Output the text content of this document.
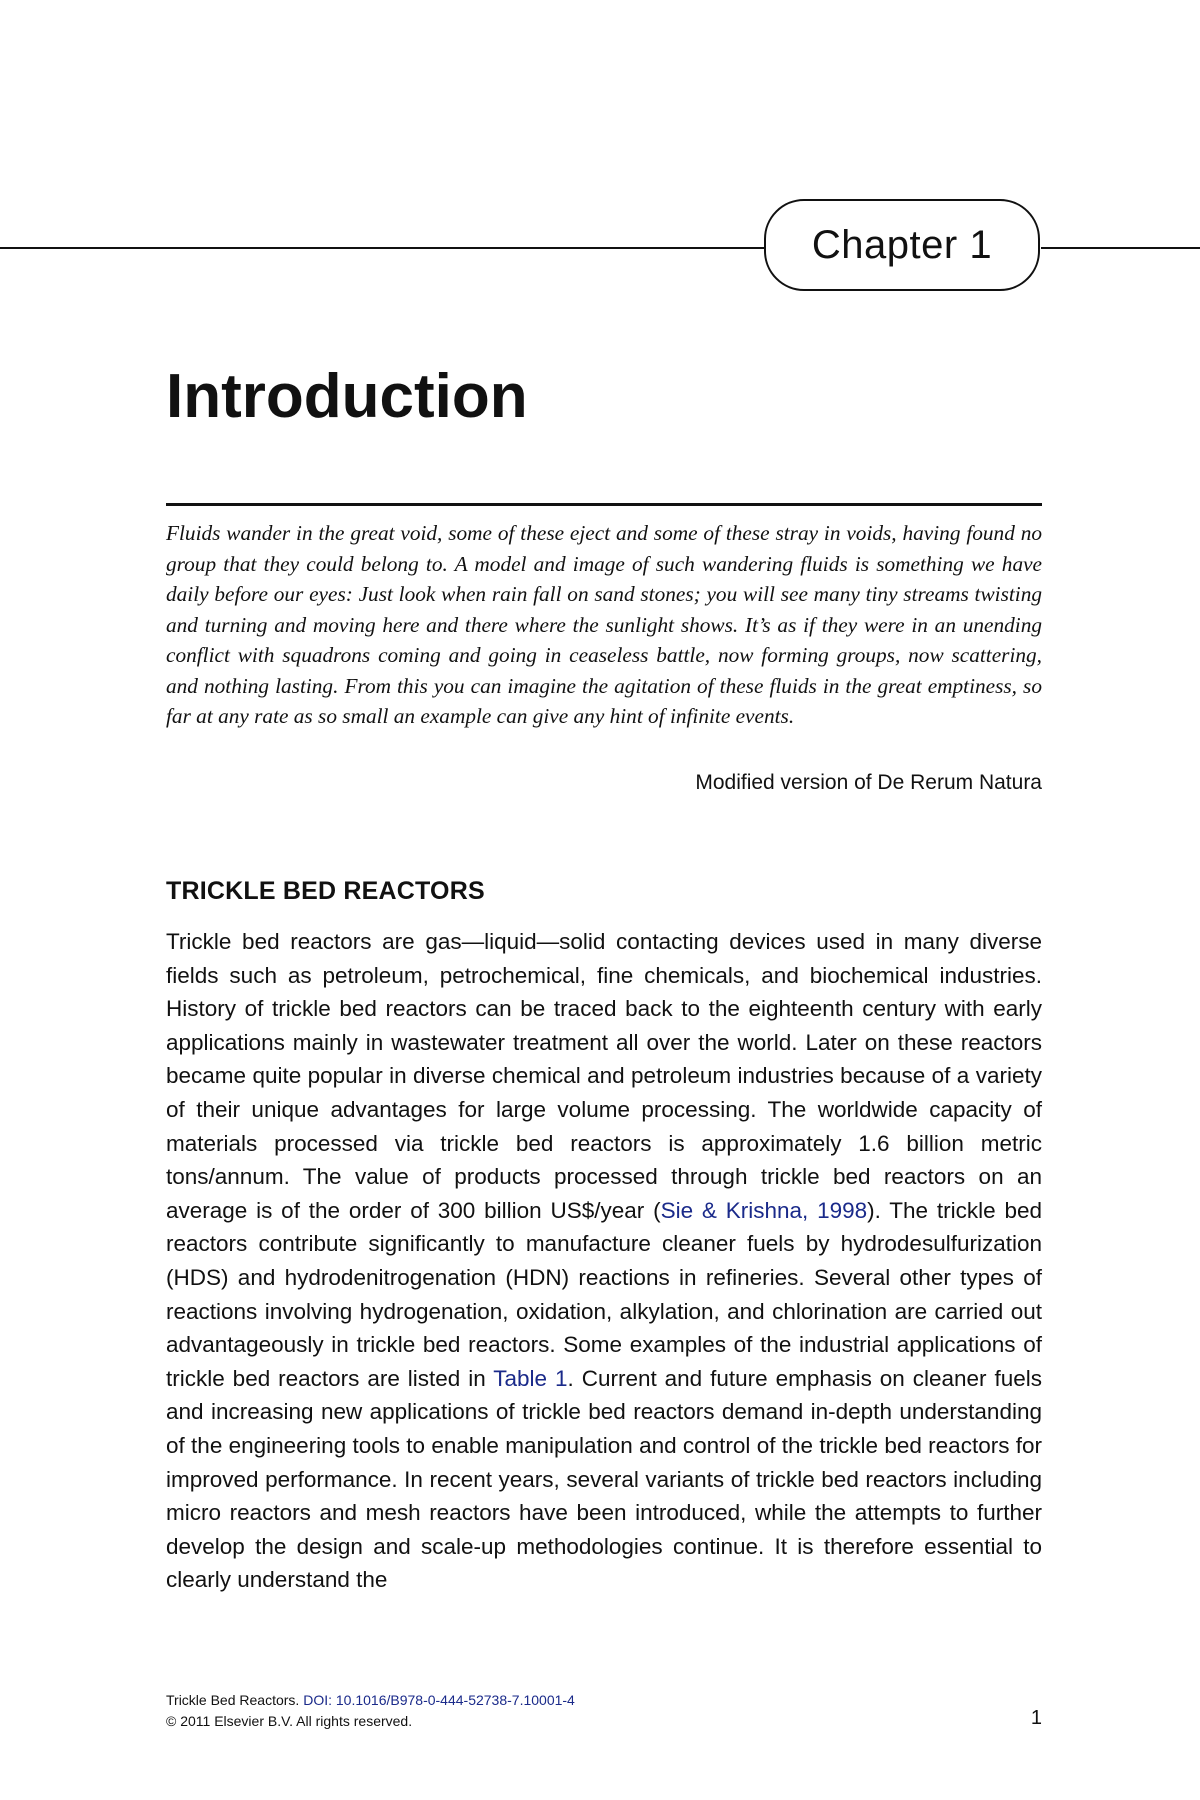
Chapter 1
Introduction

Fluids wander in the great void, some of these eject and some of these stray in voids, having found no group that they could belong to. A model and image of such wandering fluids is something we have daily before our eyes: Just look when rain fall on sand stones; you will see many tiny streams twisting and turning and moving here and there where the sunlight shows. It’s as if they were in an unending conflict with squadrons coming and going in ceaseless battle, now forming groups, now scattering, and nothing lasting. From this you can imagine the agitation of these fluids in the great emptiness, so far at any rate as so small an example can give any hint of infinite events.

Modified version of De Rerum Natura
TRICKLE BED REACTORS

Trickle bed reactors are gas—liquid—solid contacting devices used in many diverse fields such as petroleum, petrochemical, fine chemicals, and biochemical industries. History of trickle bed reactors can be traced back to the eighteenth century with early applications mainly in wastewater treatment all over the world. Later on these reactors became quite popular in diverse chemical and petroleum industries because of a variety of their unique advantages for large volume processing. The worldwide capacity of materials processed via trickle bed reactors is approximately 1.6 billion metric tons/annum. The value of products processed through trickle bed reactors on an average is of the order of 300 billion US$/year (Sie & Krishna, 1998). The trickle bed reactors contribute significantly to manufacture cleaner fuels by hydrodesulfurization (HDS) and hydrodenitrogenation (HDN) reactions in refineries. Several other types of reactions involving hydrogenation, oxidation, alkylation, and chlorination are carried out advantageously in trickle bed reactors. Some examples of the industrial applications of trickle bed reactors are listed in Table 1. Current and future emphasis on cleaner fuels and increasing new applications of trickle bed reactors demand in-depth understanding of the engineering tools to enable manipulation and control of the trickle bed reactors for improved performance. In recent years, several variants of trickle bed reactors including micro reactors and mesh reactors have been introduced, while the attempts to further develop the design and scale-up methodologies continue. It is therefore essential to clearly understand the

Trickle Bed Reactors. DOI: 10.1016/B978-0-444-52738-7.10001-4
© 2011 Elsevier B.V. All rights reserved.	1
